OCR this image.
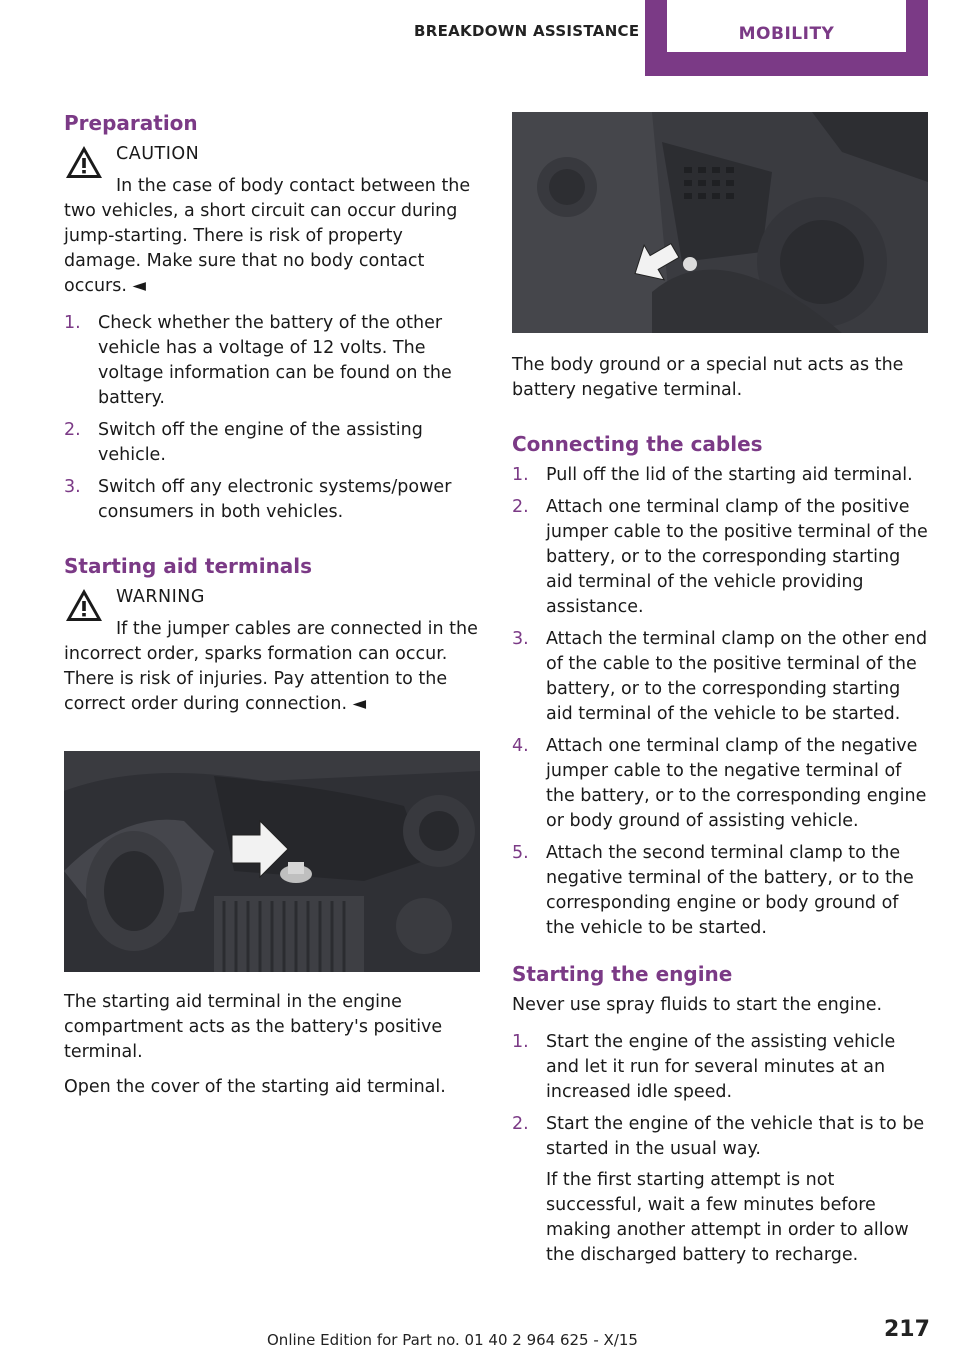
BREAKDOWN ASSISTANCE	MOBILITY
Preparation
CAUTION

In the case of body contact between the two vehicles, a short circuit can occur during jump-starting. There is risk of property damage. Make sure that no body contact occurs. ◄

1. Check whether the battery of the other vehicle has a voltage of 12 volts. The voltage information can be found on the battery.
2. Switch off the engine of the assisting vehicle.
3. Switch off any electronic systems/power consumers in both vehicles.
Starting aid terminals
WARNING

If the jumper cables are connected in the incorrect order, sparks formation can occur. There is risk of injuries. Pay attention to the correct order during connection. ◄

The starting aid terminal in the engine compartment acts as the battery's positive terminal.

Open the cover of the starting aid terminal.

The body ground or a special nut acts as the battery negative terminal.

Connecting the cables
1. Pull off the lid of the starting aid terminal.
2. Attach one terminal clamp of the positive jumper cable to the positive terminal of the battery, or to the corresponding starting aid terminal of the vehicle providing assistance.
3. Attach the terminal clamp on the other end of the cable to the positive terminal of the battery, or to the corresponding starting aid terminal of the vehicle to be started.
4. Attach one terminal clamp of the negative jumper cable to the negative terminal of the battery, or to the corresponding engine or body ground of assisting vehicle.
5. Attach the second terminal clamp to the negative terminal of the battery, or to the corresponding engine or body ground of the vehicle to be started.
Starting the engine

Never use spray fluids to start the engine.

1. Start the engine of the assisting vehicle and let it run for several minutes at an increased idle speed.
2. Start the engine of the vehicle that is to be started in the usual way.
If the first starting attempt is not successful, wait a few minutes before making another attempt in order to allow the discharged battery to recharge.
Online Edition for Part no. 01 40 2 964 625 - X/15	217
